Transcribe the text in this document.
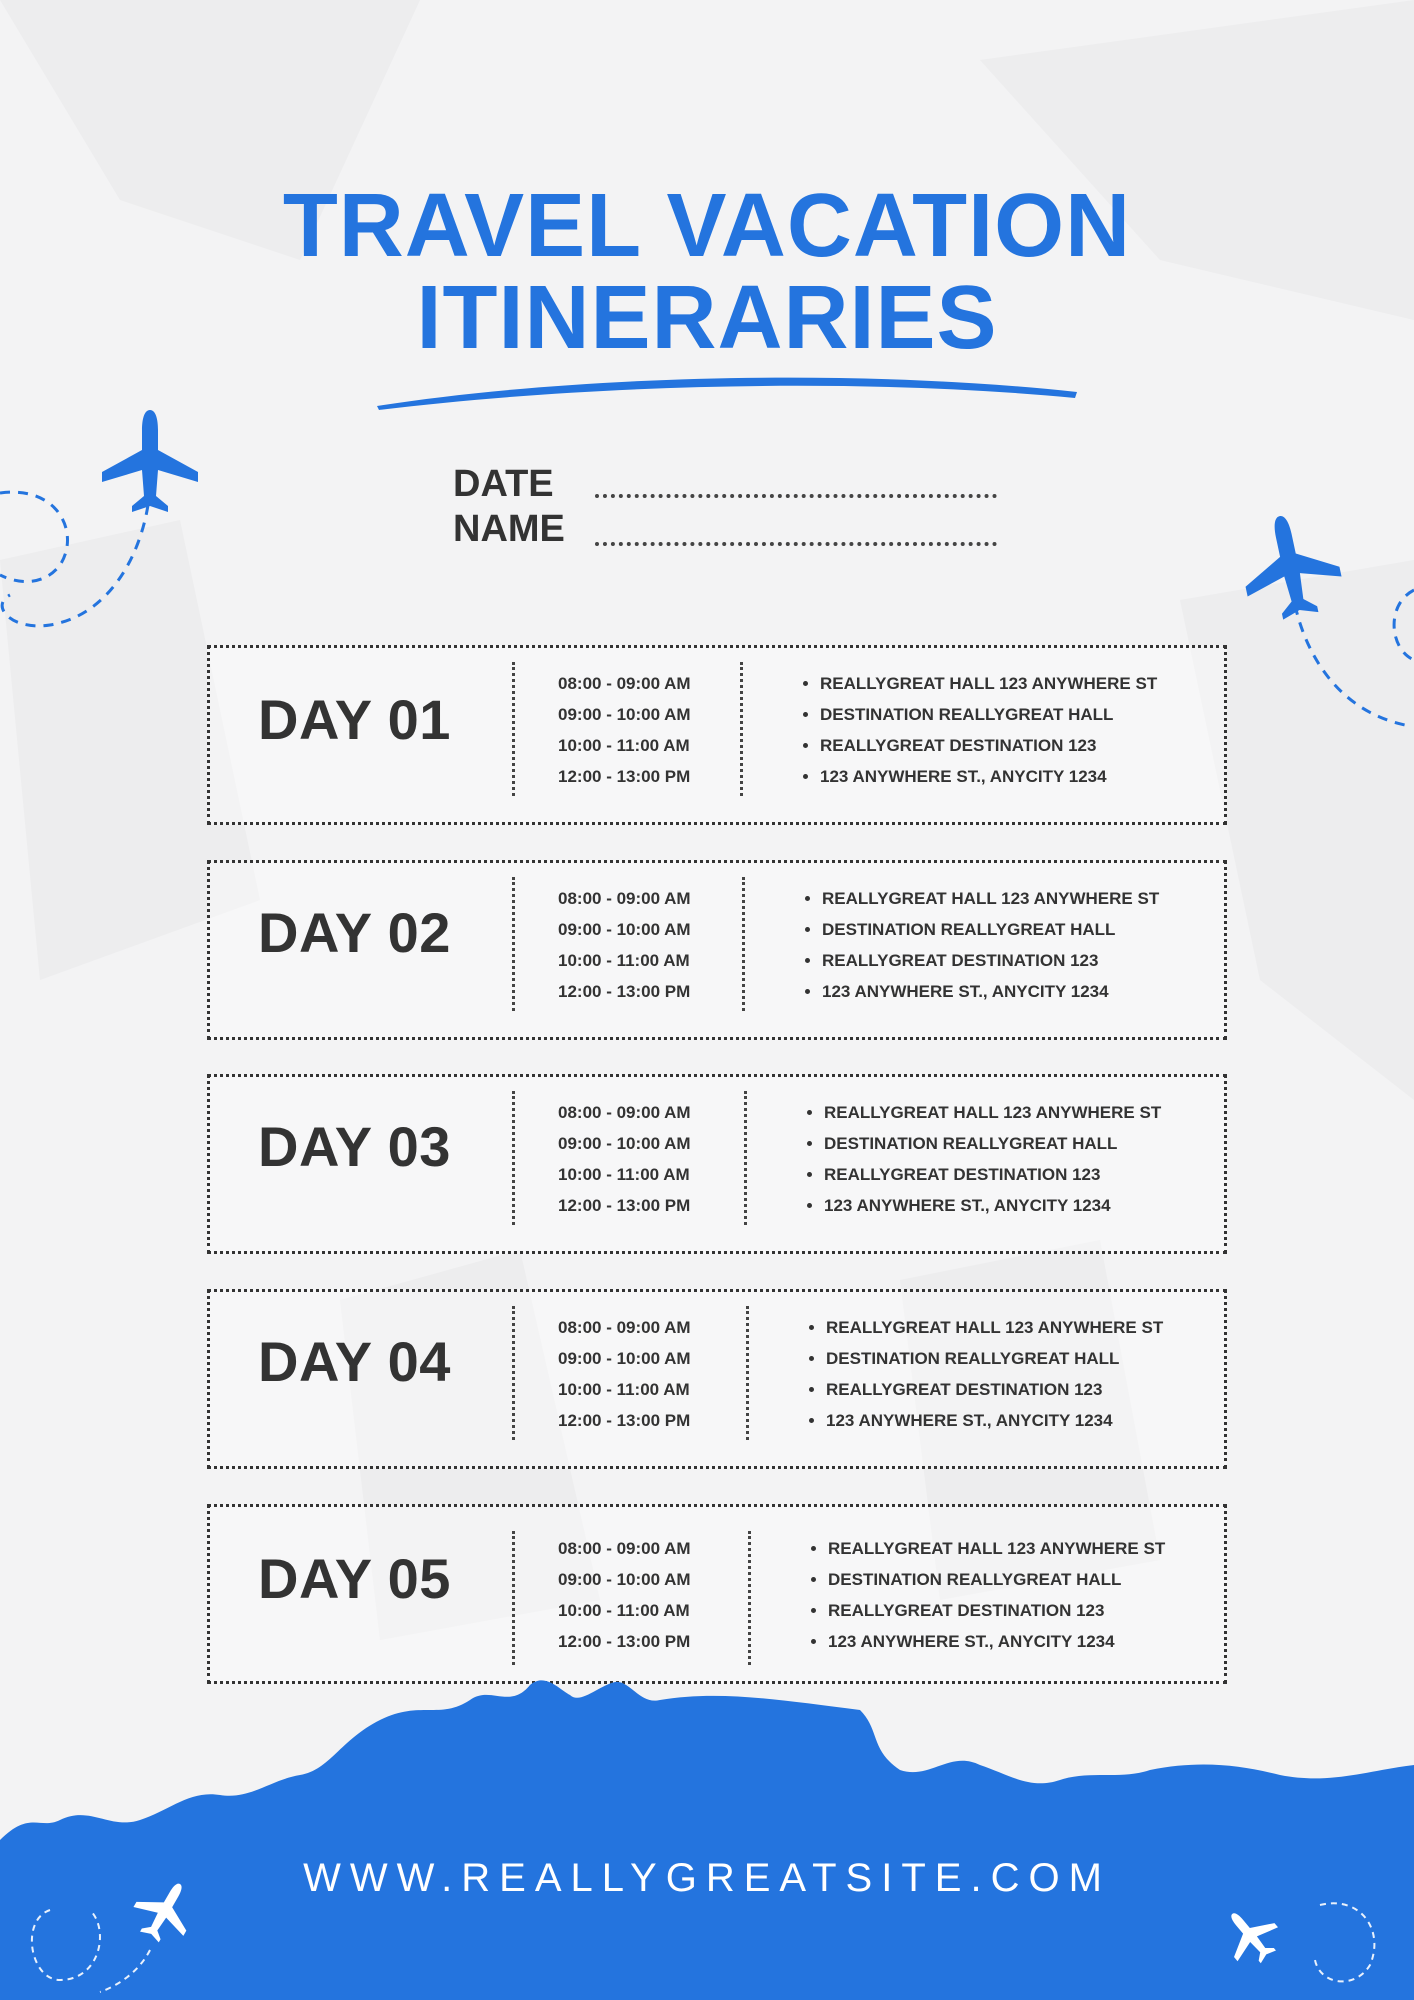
TRAVEL VACATION
ITINERARIES
DATE
NAME
DAY 01
08:00 - 09:00 AM
09:00 - 10:00 AM
10:00 - 11:00 AM
12:00 - 13:00 PM
• REALLYGREAT HALL 123 ANYWHERE ST
• DESTINATION REALLYGREAT HALL
• REALLYGREAT DESTINATION 123
• 123 ANYWHERE ST., ANYCITY 1234
DAY 02
08:00 - 09:00 AM
09:00 - 10:00 AM
10:00 - 11:00 AM
12:00 - 13:00 PM
• REALLYGREAT HALL 123 ANYWHERE ST
• DESTINATION REALLYGREAT HALL
• REALLYGREAT DESTINATION 123
• 123 ANYWHERE ST., ANYCITY 1234
DAY 03
08:00 - 09:00 AM
09:00 - 10:00 AM
10:00 - 11:00 AM
12:00 - 13:00 PM
• REALLYGREAT HALL 123 ANYWHERE ST
• DESTINATION REALLYGREAT HALL
• REALLYGREAT DESTINATION 123
• 123 ANYWHERE ST., ANYCITY 1234
DAY 04
08:00 - 09:00 AM
09:00 - 10:00 AM
10:00 - 11:00 AM
12:00 - 13:00 PM
• REALLYGREAT HALL 123 ANYWHERE ST
• DESTINATION REALLYGREAT HALL
• REALLYGREAT DESTINATION 123
• 123 ANYWHERE ST., ANYCITY 1234
DAY 05	08:00 - 09:00 AM
09:00 - 10:00 AM
10:00 - 11:00 AM
12:00 - 13:00 PM
• REALLYGREAT HALL 123 ANYWHERE ST
• DESTINATION REALLYGREAT HALL
• REALLYGREAT DESTINATION 123
• 123 ANYWHERE ST., ANYCITY 1234
WWW.REALLYGREATSITE.COM
